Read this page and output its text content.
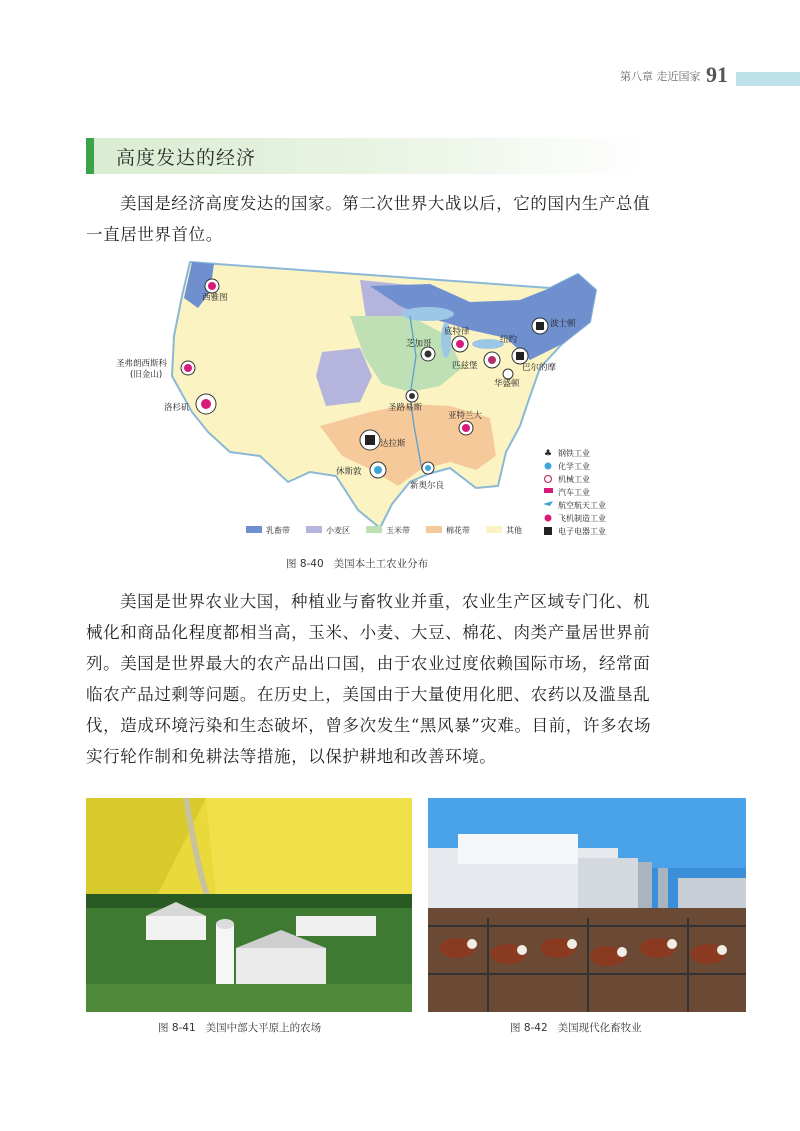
第八章 走近国家 91
高度发达的经济

美国是经济高度发达的国家。第二次世界大战以后，它的国内生产总值一直居世界首位。

西雅图
圣弗朗西斯科
(旧金山)
洛杉矶
芝加哥
底特律
匹兹堡
纽约
波士顿
巴尔的摩
华盛顿
圣路易斯
亚特兰大
达拉斯
休斯敦
新奥尔良
♣ 钢铁工业
化学工业
机械工业
汽车工业
航空航天工业
飞机制造工业
电子电器工业
乳畜带	小麦区	玉米带	棉花带	其他
图 8-40 美国本土工农业分布

美国是世界农业大国，种植业与畜牧业并重，农业生产区域专门化、机械化和商品化程度都相当高，玉米、小麦、大豆、棉花、肉类产量居世界前列。美国是世界最大的农产品出口国，由于农业过度依赖国际市场，经常面临农产品过剩等问题。在历史上，美国由于大量使用化肥、农药以及滥垦乱伐，造成环境污染和生态破坏，曾多次发生“黑风暴”灾难。目前，许多农场实行轮作制和免耕法等措施，以保护耕地和改善环境。

图 8-41 美国中部大平原上的农场	图 8-42 美国现代化畜牧业
